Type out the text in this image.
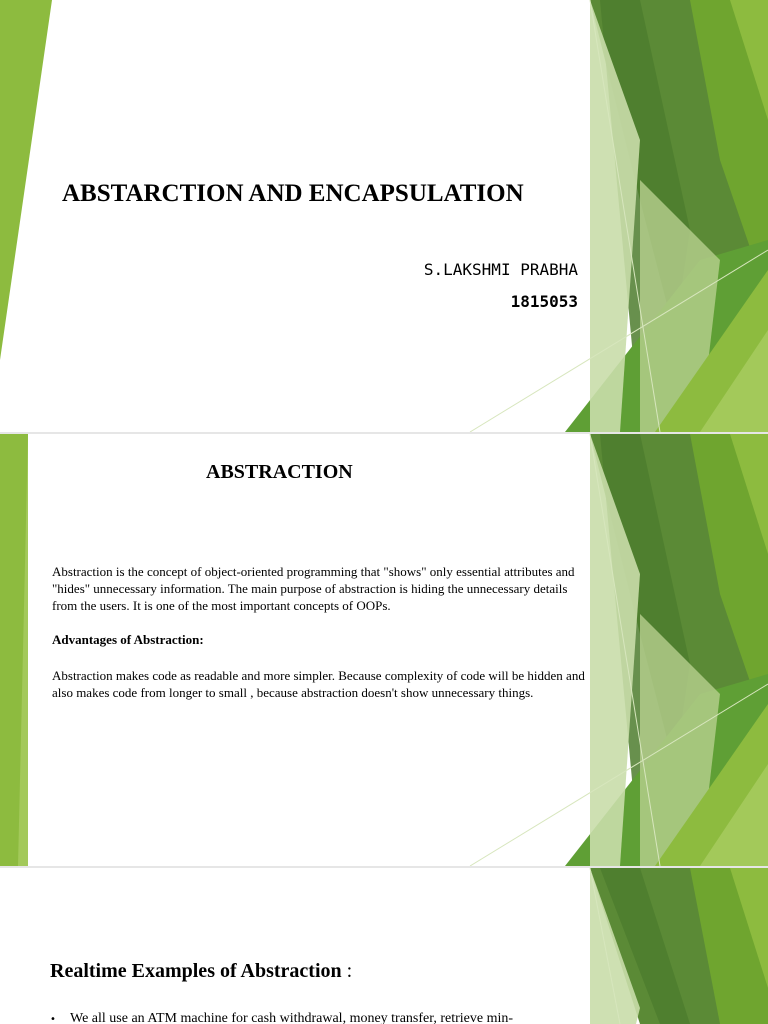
ABSTARCTION AND ENCAPSULATION
S.LAKSHMI PRABHA
1815053
ABSTRACTION
Abstraction is the concept of object-oriented programming that "shows" only essential attributes and "hides" unnecessary information. The main purpose of abstraction is hiding the unnecessary details from the users. It is one of the most important concepts of OOPs.
Advantages of Abstraction:
Abstraction makes code as readable and more simpler. Because complexity of code will be hidden and also makes code from longer to small , because abstraction doesn't show unnecessary things.
Realtime Examples of Abstraction :
• We all use an ATM machine for cash withdrawal, money transfer, retrieve min-
